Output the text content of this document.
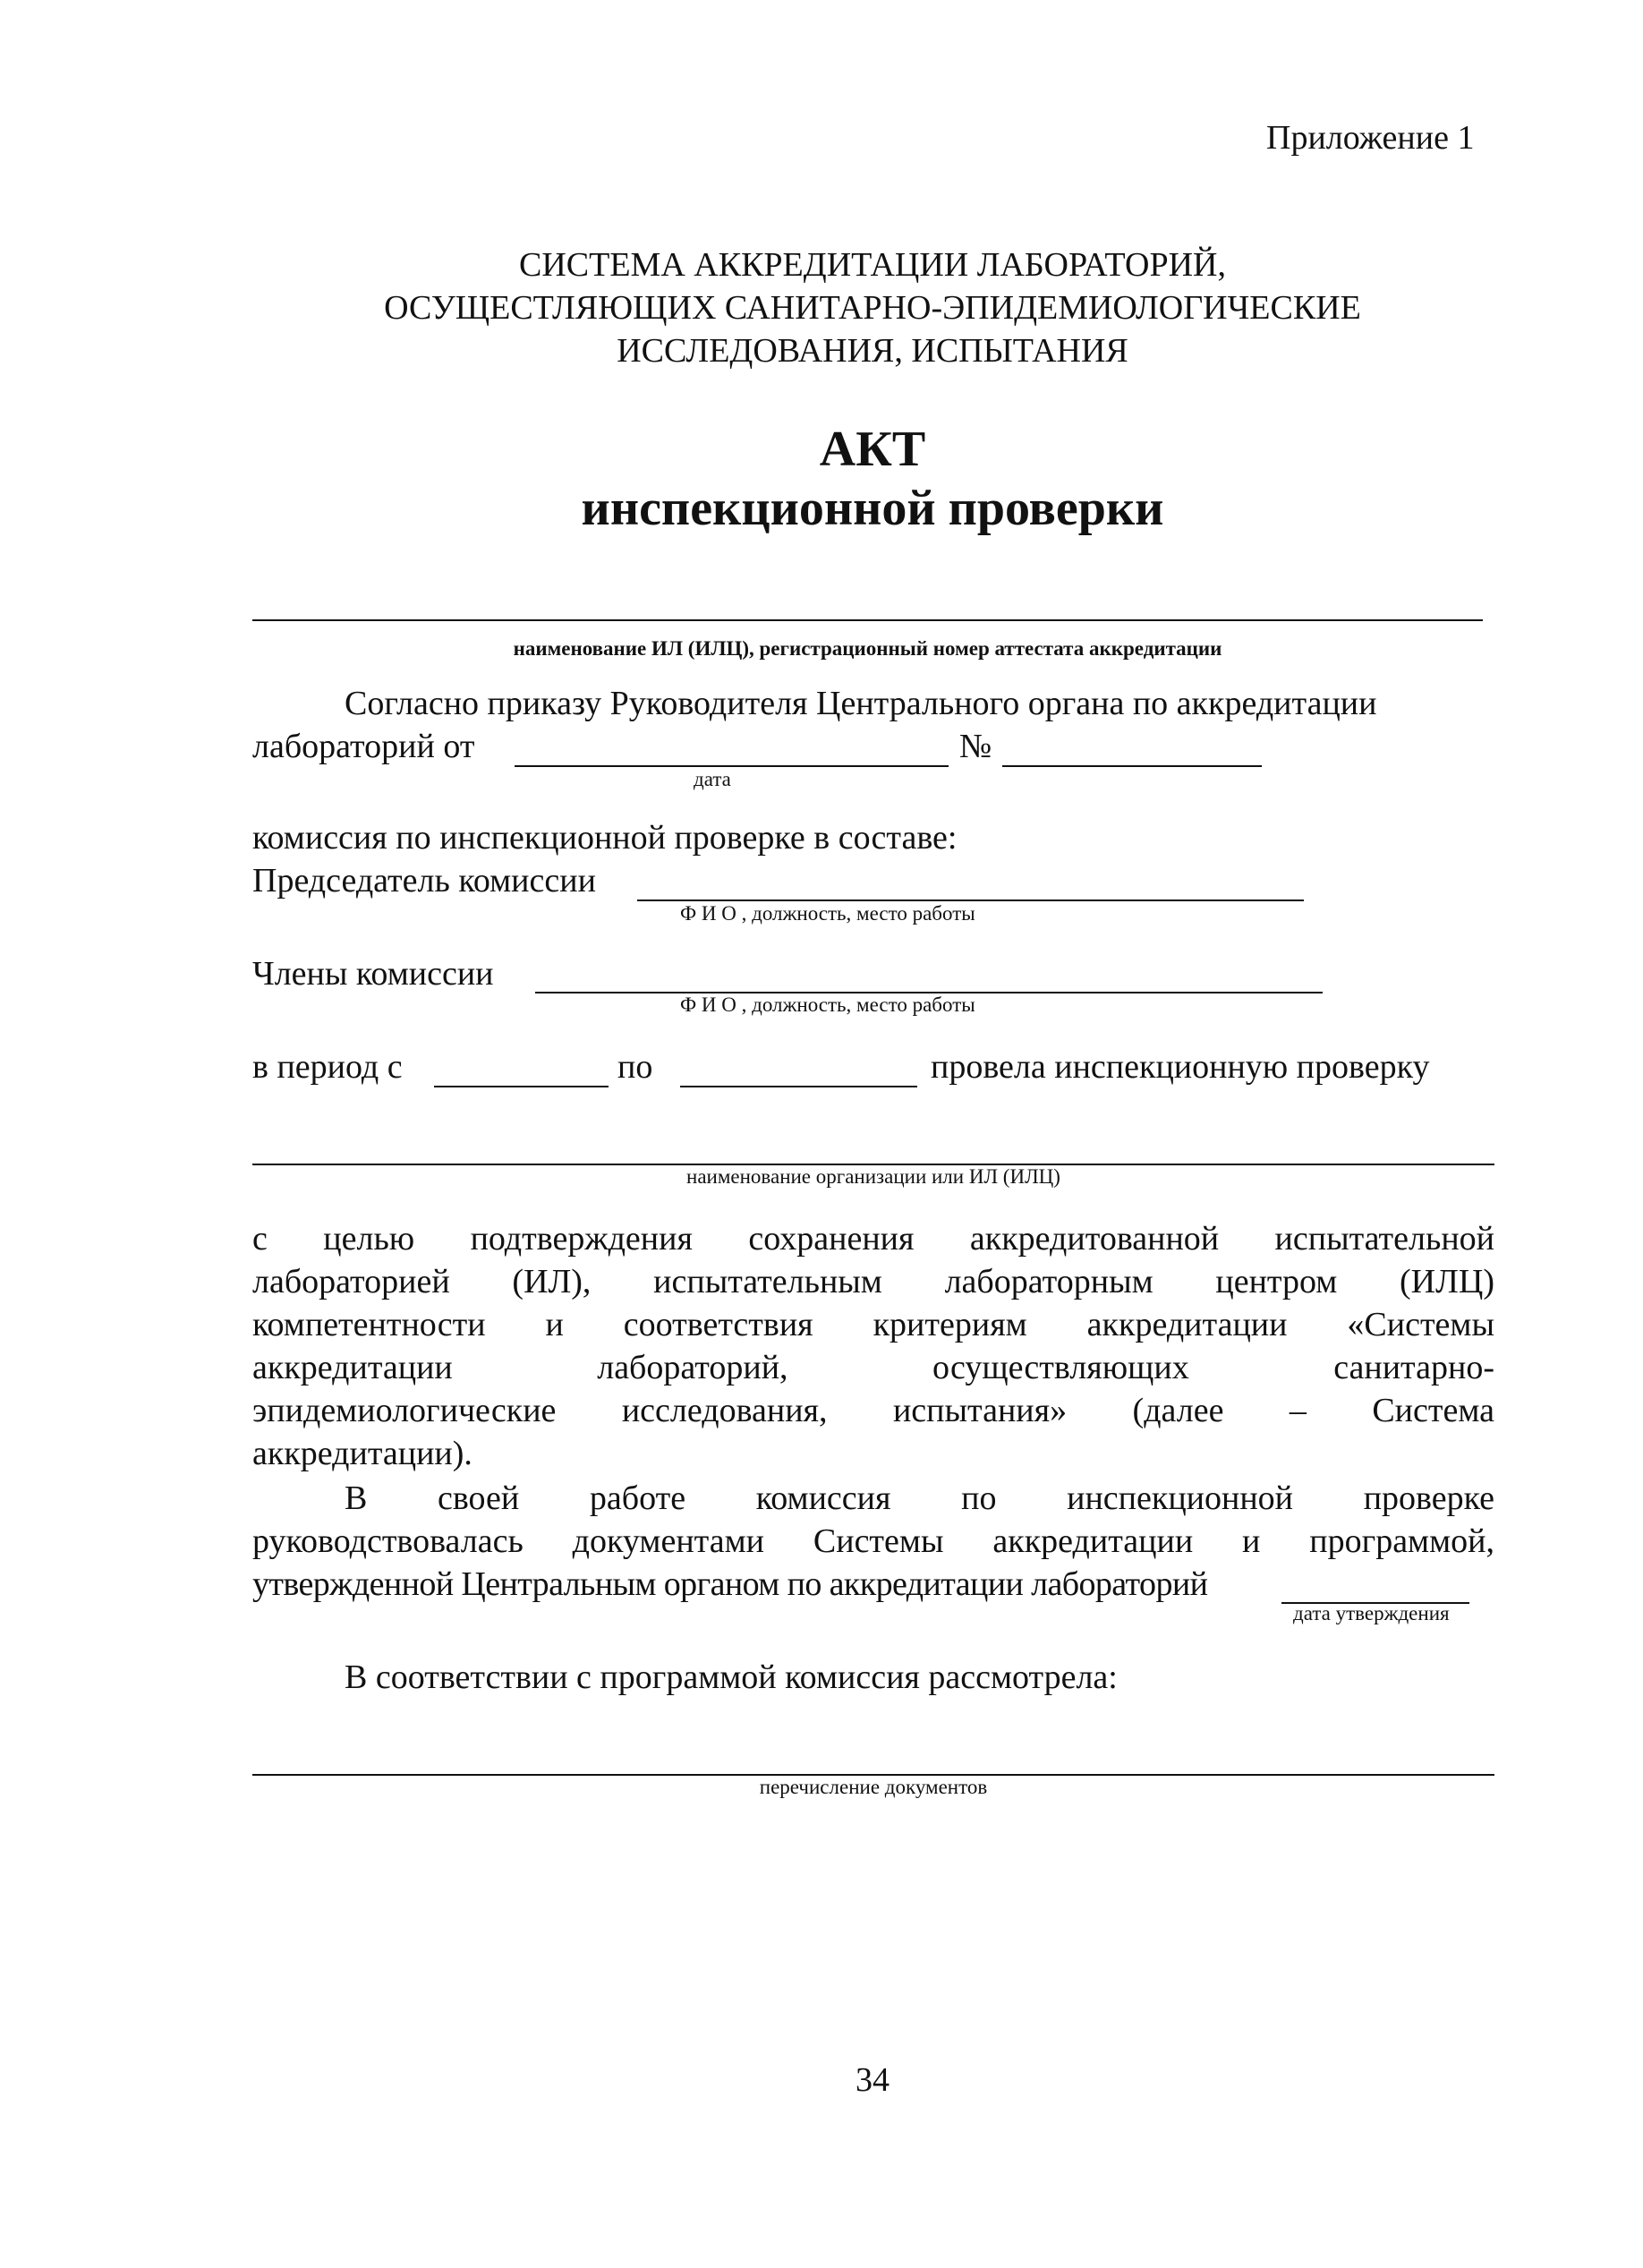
Приложение 1
СИСТЕМА АККРЕДИТАЦИИ ЛАБОРАТОРИЙ,
ОСУЩЕСТЛЯЮЩИХ САНИТАРНО-ЭПИДЕМИОЛОГИЧЕСКИЕ
ИССЛЕДОВАНИЯ, ИСПЫТАНИЯ
АКТ
инспекционной проверки
наименование ИЛ (ИЛЦ), регистрационный номер аттестата аккредитации
Согласно приказу Руководителя Центрального органа по аккредитации
лабораторий от	№
дата
комиссия по инспекционной проверке в составе:
Председатель комиссии
Ф И О , должность, место работы
Члены комиссии
Ф И О , должность, место работы
в период с	по	провела инспекционную проверку
наименование организации или ИЛ (ИЛЦ)
с целью подтверждения сохранения аккредитованной испытательной
лабораторией (ИЛ), испытательным лабораторным центром (ИЛЦ)
компетентности и соответствия критериям аккредитации «Системы
аккредитации лабораторий, осуществляющих санитарно-
эпидемиологические исследования, испытания» (далее – Система
аккредитации).
В своей работе комиссия по инспекционной проверке
руководствовалась документами Системы аккредитации и программой,
утвержденной Центральным органом по аккредитации лабораторий
дата утверждения
В соответствии с программой комиссия рассмотрела:
перечисление документов
34
